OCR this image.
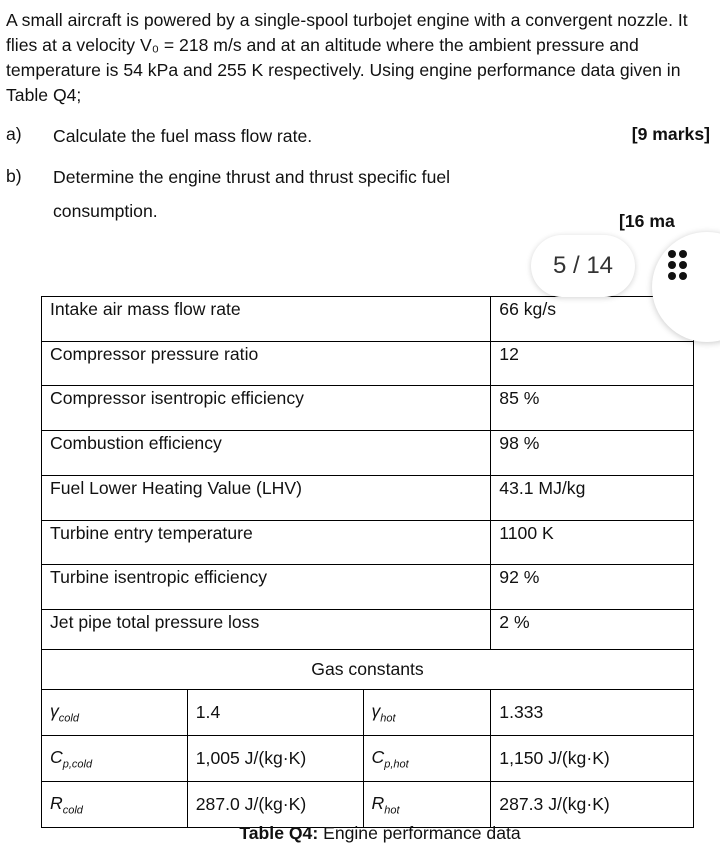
A small aircraft is powered by a single-spool turbojet engine with a convergent nozzle. It flies at a velocity V₀ = 218 m/s and at an altitude where the ambient pressure and temperature is 54 kPa and 255 K respectively. Using engine performance data given in Table Q4;
a) Calculate the fuel mass flow rate.	[9 marks]
b) Determine the engine thrust and thrust specific fuel
consumption.	[16 ma
5 / 14
Intake air mass flow rate			66 kg/s
Compressor pressure ratio			12
Compressor isentropic efficiency			85 %
Combustion efficiency			98 %
Fuel Lower Heating Value (LHV)			43.1 MJ/kg
Turbine entry temperature			1100 K
Turbine isentropic efficiency			92 %
Jet pipe total pressure loss			2 %
Gas constants			
$\gamma_{cold}$	1.4	$\gamma_{hot}$	1.333
$C_{p,cold}$	1,005 J/(kg·K)	$C_{p,hot}$	1,150 J/(kg·K)
$R_{cold}$	287.0 J/(kg·K)	$R_{hot}$	287.3 J/(kg·K)
Table Q4: Engine performance data
